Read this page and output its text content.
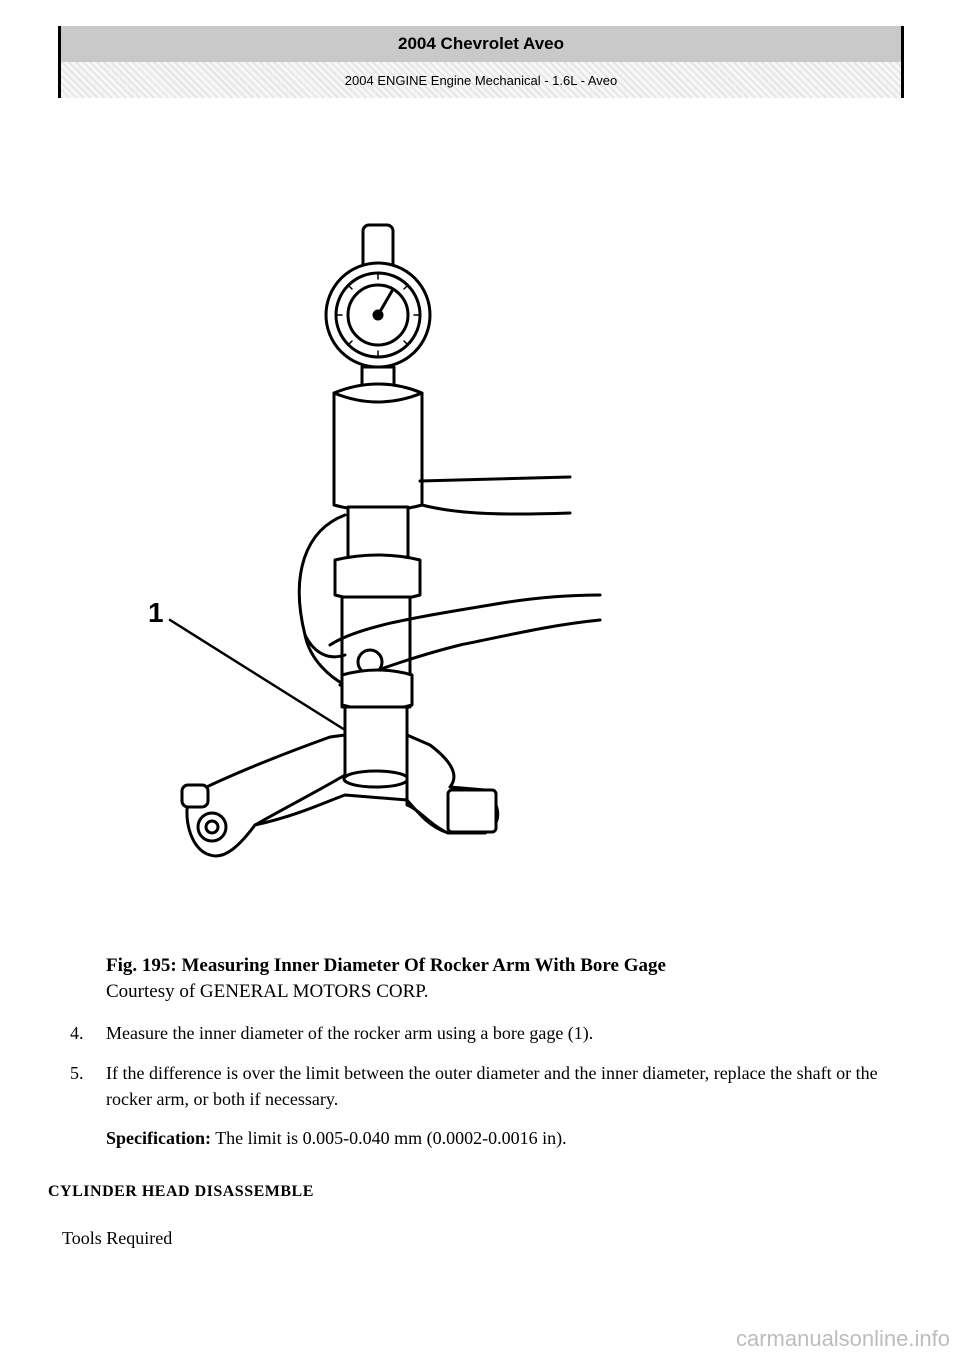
2004 Chevrolet Aveo
2004 ENGINE Engine Mechanical - 1.6L - Aveo
1
Fig. 195: Measuring Inner Diameter Of Rocker Arm With Bore Gage
Courtesy of GENERAL MOTORS CORP.
4.	Measure the inner diameter of the rocker arm using a bore gage (1).
5.	If the difference is over the limit between the outer diameter and the inner diameter, replace the shaft or the rocker arm, or both if necessary.
Specification: The limit is 0.005-0.040 mm (0.0002-0.0016 in).
CYLINDER HEAD DISASSEMBLE
Tools Required
carmanualsonline.info
